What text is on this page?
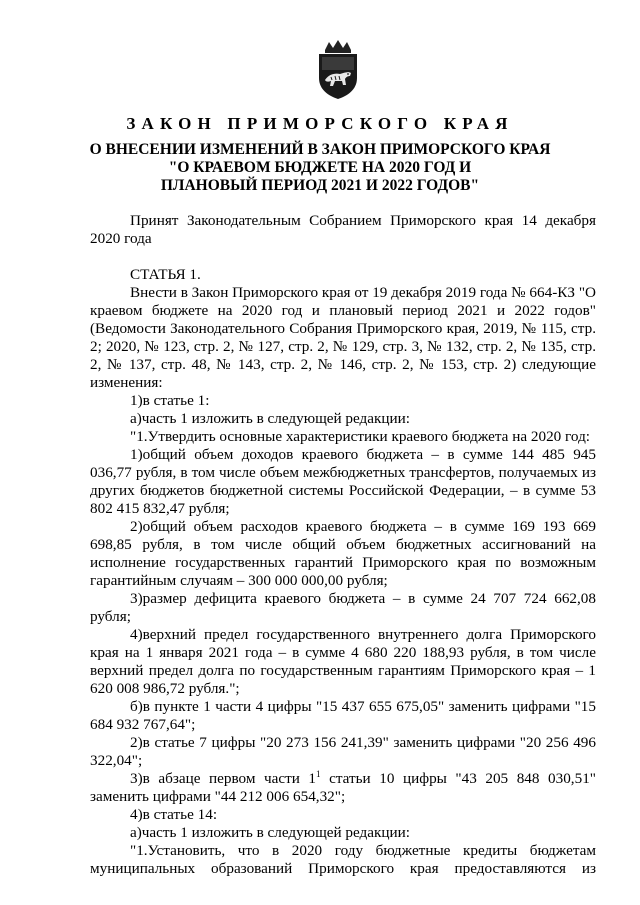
ЗАКОН ПРИМОРСКОГО КРАЯ
О ВНЕСЕНИИ ИЗМЕНЕНИЙ В ЗАКОН ПРИМОРСКОГО КРАЯ
"О КРАЕВОМ БЮДЖЕТЕ НА 2020 ГОД И
ПЛАНОВЫЙ ПЕРИОД 2021 И 2022 ГОДОВ"
Принят Законодательным Собранием Приморского края 14 декабря 2020 года
СТАТЬЯ 1.
Внести в Закон Приморского края от 19 декабря 2019 года № 664-КЗ "О краевом бюджете на 2020 год и плановый период 2021 и 2022 годов" (Ведомости Законодательного Собрания Приморского края, 2019, № 115, стр. 2; 2020, № 123, стр. 2, № 127, стр. 2, № 129, стр. 3, № 132, стр. 2, № 135, стр. 2, № 137, стр. 48, № 143, стр. 2, № 146, стр. 2, № 153, стр. 2) следующие изменения:
1)в статье 1:
а)часть 1 изложить в следующей редакции:
"1.Утвердить основные характеристики краевого бюджета на 2020 год:
1)общий объем доходов краевого бюджета – в сумме 144 485 945 036,77 рубля, в том числе объем межбюджетных трансфертов, получаемых из других бюджетов бюджетной системы Российской Федерации, – в сумме 53 802 415 832,47 рубля;
2)общий объем расходов краевого бюджета – в сумме 169 193 669 698,85 рубля, в том числе общий объем бюджетных ассигнований на исполнение государственных гарантий Приморского края по возможным гарантийным случаям – 300 000 000,00 рубля;
3)размер дефицита краевого бюджета – в сумме 24 707 724 662,08 рубля;
4)верхний предел государственного внутреннего долга Приморского края на 1 января 2021 года – в сумме 4 680 220 188,93 рубля, в том числе верхний предел долга по государственным гарантиям Приморского края – 1 620 008 986,72 рубля.";
б)в пункте 1 части 4 цифры "15 437 655 675,05" заменить цифрами "15 684 932 767,64";
2)в статье 7 цифры "20 273 156 241,39" заменить цифрами "20 256 496 322,04";
3)в абзаце первом части $1^1$ статьи 10 цифры "43 205 848 030,51" заменить цифрами "44 212 006 654,32";
4)в статье 14:
а)часть 1 изложить в следующей редакции:
"1.Установить, что в 2020 году бюджетные кредиты бюджетам муниципальных образований Приморского края предоставляются из
